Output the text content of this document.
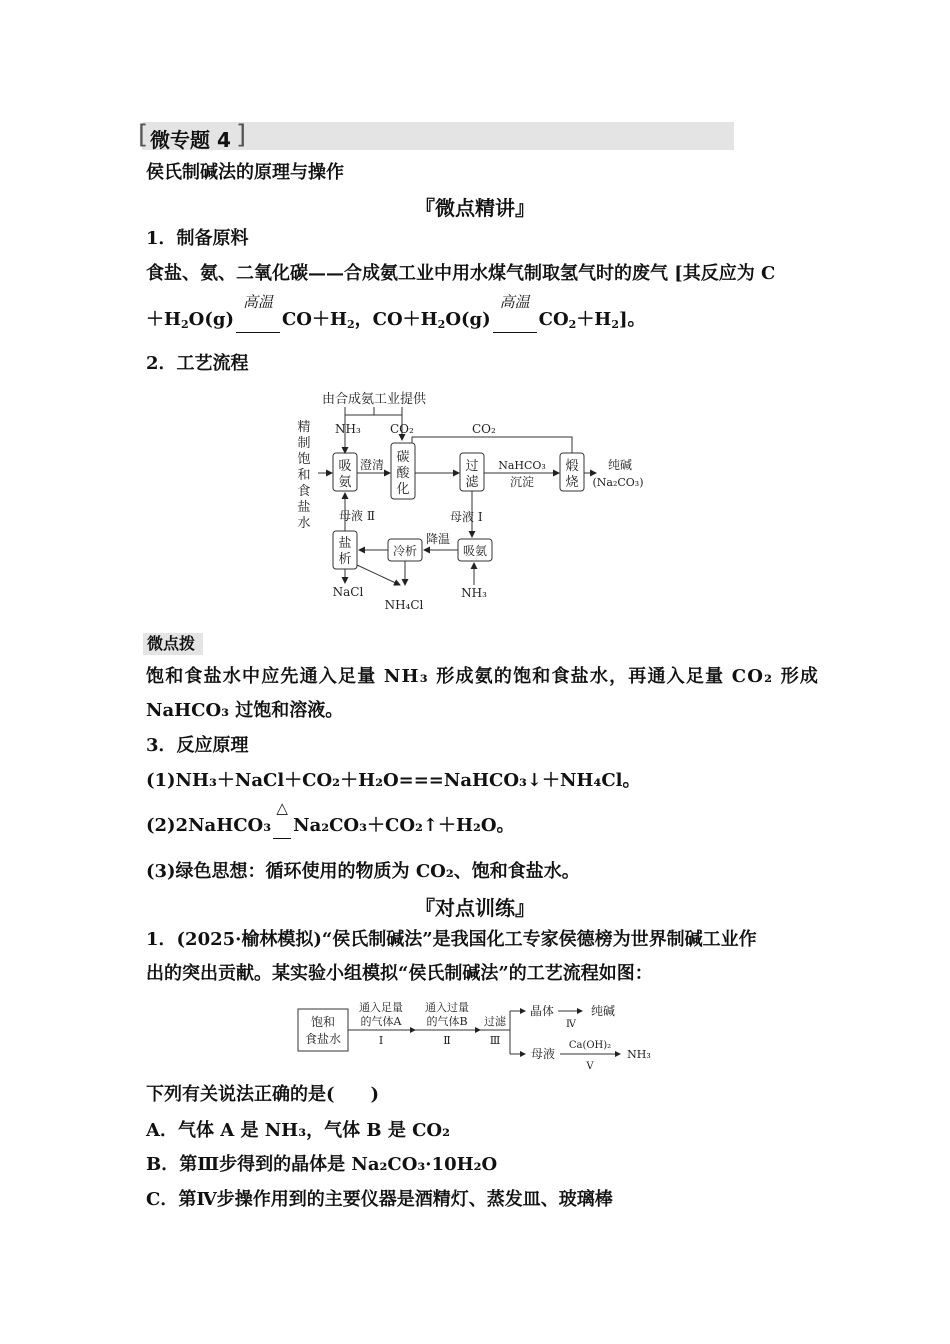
[ 微专题 4 ]
侯氏制碱法的原理与操作
『微点精讲』
1．制备原料
食盐、氨、二氧化碳——合成氨工业中用水煤气制取氢气时的废气 [其反应为 C
$+H_2O(g)$
高温
$CO+H_2$，$CO+H_2O(g)$
高温
$CO_2+H_2$]。
2．工艺流程
由合成氨工业提供
NH₃ CO₂	CO₂
精
制
饱
和
食
盐
水
吸
氨
澄清 碳
酸
化
过
滤
NaHCO₃
沉淀
煅
烧
纯碱
(Na₂CO₃)
母液 Ⅱ	母液 Ⅰ
盐
析
冷析
降温
吸氨
NaCl
NH₄Cl
NH₃
微点拨
饱和食盐水中应先通入足量 NH₃ 形成氨的饱和食盐水，再通入足量 CO₂ 形成
NaHCO₃ 过饱和溶液。
3．反应原理
(1)NH₃＋NaCl＋CO₂＋H₂O===NaHCO₃↓＋NH₄Cl。
(2)2NaHCO₃
△
Na₂CO₃＋CO₂↑＋H₂O。
(3)绿色思想：循环使用的物质为 CO₂、饱和食盐水。
『对点训练』
1．(2025·榆林模拟)“侯氏制碱法”是我国化工专家侯德榜为世界制碱工业作
出的突出贡献。某实验小组模拟“侯氏制碱法”的工艺流程如图：
饱和
食盐水
通入足量
的气体A
Ⅰ
通入过量
的气体B
Ⅱ
过滤
Ⅲ
晶体
Ⅳ
纯碱
母液
Ca(OH)₂
Ⅴ
NH₃
下列有关说法正确的是(　　)
A．气体 A 是 NH₃，气体 B 是 CO₂
B．第Ⅲ步得到的晶体是 Na₂CO₃·10H₂O
C．第Ⅳ步操作用到的主要仪器是酒精灯、蒸发皿、玻璃棒
